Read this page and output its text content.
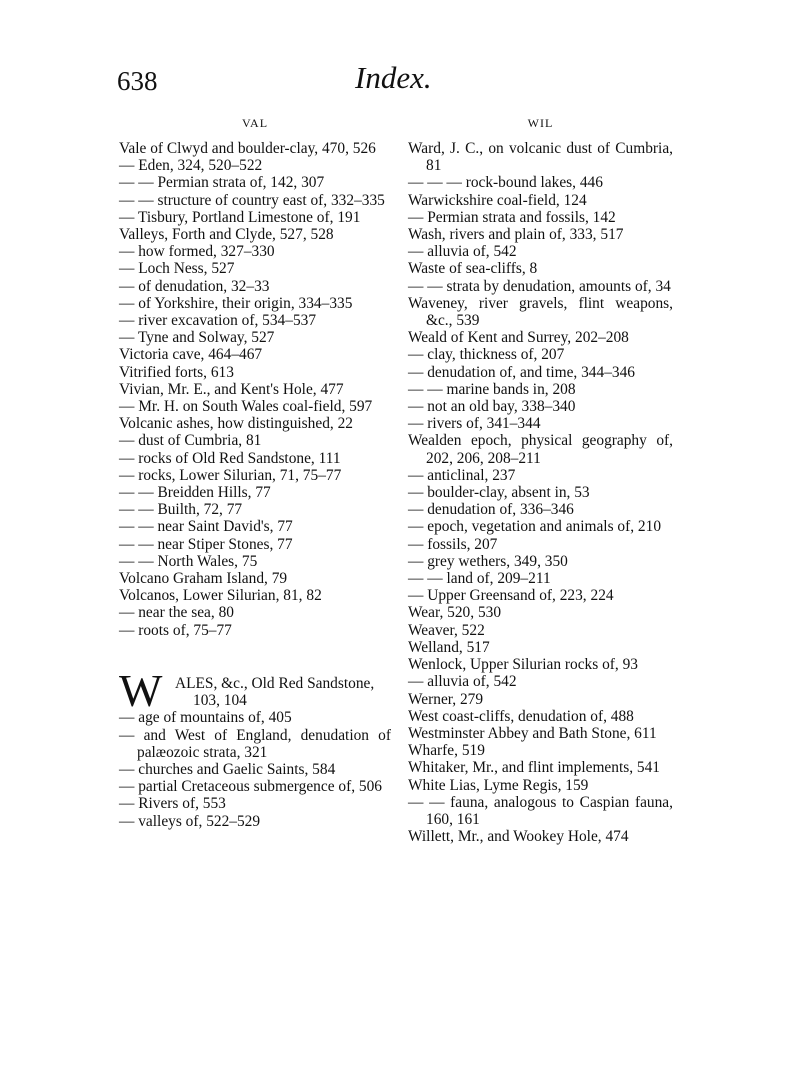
638	Index.
VAL
Vale of Clwyd and boulder-clay, 470, 526
— Eden, 324, 520–522
— — Permian strata of, 142, 307
— — structure of country east of, 332–335
— Tisbury, Portland Limestone of, 191
Valleys, Forth and Clyde, 527, 528
— how formed, 327–330
— Loch Ness, 527
— of denudation, 32–33
— of Yorkshire, their origin, 334–335
— river excavation of, 534–537
— Tyne and Solway, 527
Victoria cave, 464–467
Vitrified forts, 613
Vivian, Mr. E., and Kent's Hole, 477
— Mr. H. on South Wales coal-field, 597
Volcanic ashes, how distinguished, 22
— dust of Cumbria, 81
— rocks of Old Red Sandstone, 111
— rocks, Lower Silurian, 71, 75–77
— — Breidden Hills, 77
— — Builth, 72, 77
— — near Saint David's, 77
— — near Stiper Stones, 77
— — North Wales, 75
Volcano Graham Island, 79
Volcanos, Lower Silurian, 81, 82
— near the sea, 80
— roots of, 75–77
W ALES, &c., Old Red Sandstone,
103, 104
— age of mountains of, 405
— and West of England, denudation of palæozoic strata, 321
— churches and Gaelic Saints, 584
— partial Cretaceous submergence of, 506
— Rivers of, 553
— valleys of, 522–529
WIL
Ward, J. C., on volcanic dust of Cumbria, 81
— — — rock-bound lakes, 446
Warwickshire coal-field, 124
— Permian strata and fossils, 142
Wash, rivers and plain of, 333, 517
— alluvia of, 542
Waste of sea-cliffs, 8
— — strata by denudation, amounts of, 34
Waveney, river gravels, flint weapons, &c., 539
Weald of Kent and Surrey, 202–208
— clay, thickness of, 207
— denudation of, and time, 344–346
— — marine bands in, 208
— not an old bay, 338–340
— rivers of, 341–344
Wealden epoch, physical geography of, 202, 206, 208–211
— anticlinal, 237
— boulder-clay, absent in, 53
— denudation of, 336–346
— epoch, vegetation and animals of, 210
— fossils, 207
— grey wethers, 349, 350
— — land of, 209–211
— Upper Greensand of, 223, 224
Wear, 520, 530
Weaver, 522
Welland, 517
Wenlock, Upper Silurian rocks of, 93
— alluvia of, 542
Werner, 279
West coast-cliffs, denudation of, 488
Westminster Abbey and Bath Stone, 611
Wharfe, 519
Whitaker, Mr., and flint implements, 541
White Lias, Lyme Regis, 159
— — fauna, analogous to Caspian fauna, 160, 161
Willett, Mr., and Wookey Hole, 474
